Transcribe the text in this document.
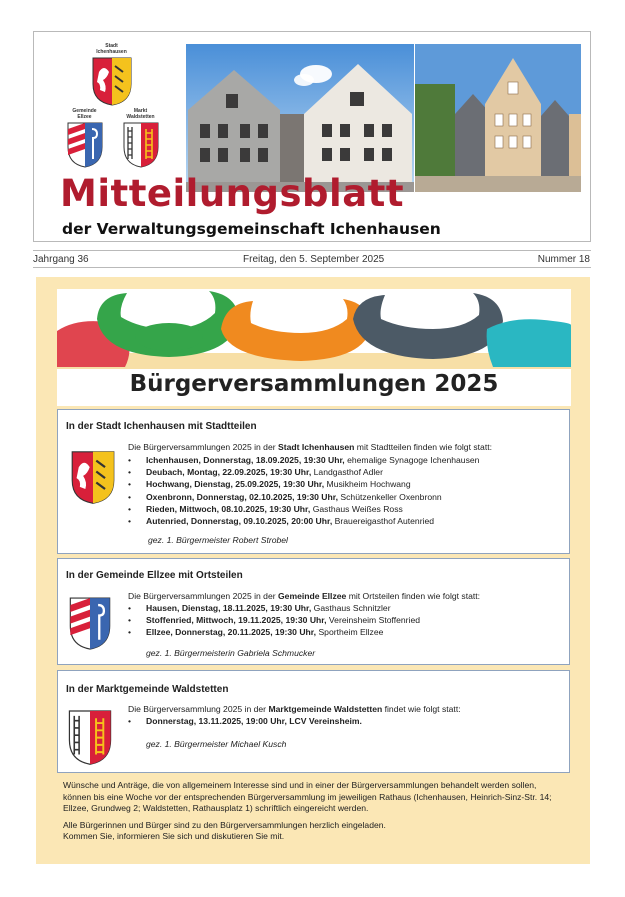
Stadt
Ichenhausen
Gemeinde
Ellzee
Markt
Waldstetten
Mitteilungsblatt
der Verwaltungsgemeinschaft Ichenhausen
Jahrgang 36	Freitag, den 5. September 2025	Nummer 18
Bürgerversammlungen 2025
In der Stadt Ichenhausen mit Stadtteilen
Die Bürgerversammlungen 2025 in der Stadt Ichenhausen mit Stadtteilen finden wie folgt statt:
• Ichenhausen, Donnerstag, 18.09.2025, 19:30 Uhr, ehemalige Synagoge Ichenhausen
• Deubach, Montag, 22.09.2025, 19:30 Uhr, Landgasthof Adler
• Hochwang, Dienstag, 25.09.2025, 19:30 Uhr, Musikheim Hochwang
• Oxenbronn, Donnerstag, 02.10.2025, 19:30 Uhr, Schützenkeller Oxenbronn
• Rieden, Mittwoch, 08.10.2025, 19:30 Uhr, Gasthaus Weißes Ross
• Autenried, Donnerstag, 09.10.2025, 20:00 Uhr, Brauereigasthof Autenried
gez. 1. Bürgermeister Robert Strobel
In der Gemeinde Ellzee mit Ortsteilen
Die Bürgerversammlungen 2025 in der Gemeinde Ellzee mit Ortsteilen finden wie folgt statt:
• Hausen, Dienstag, 18.11.2025, 19:30 Uhr, Gasthaus Schnitzler
• Stoffenried, Mittwoch, 19.11.2025, 19:30 Uhr, Vereinsheim Stoffenried
• Ellzee, Donnerstag, 20.11.2025, 19:30 Uhr, Sportheim Ellzee
gez. 1. Bürgermeisterin Gabriela Schmucker
In der Marktgemeinde Waldstetten
Die Bürgerversammlung 2025 in der Marktgemeinde Waldstetten findet wie folgt statt:
• Donnerstag, 13.11.2025, 19:00 Uhr, LCV Vereinsheim.
gez. 1. Bürgermeister Michael Kusch

Wünsche und Anträge, die von allgemeinem Interesse sind und in einer der Bürgerversammlungen behandelt werden sollen, können bis eine Woche vor der entsprechenden Bürgerversammlung im jeweiligen Rathaus (Ichenhausen, Heinrich-Sinz-Str. 14; Ellzee, Grundweg 2; Waldstetten, Rathausplatz 1) schriftlich eingereicht werden.

Alle Bürgerinnen und Bürger sind zu den Bürgerversammlungen herzlich eingeladen.

Kommen Sie, informieren Sie sich und diskutieren Sie mit.
